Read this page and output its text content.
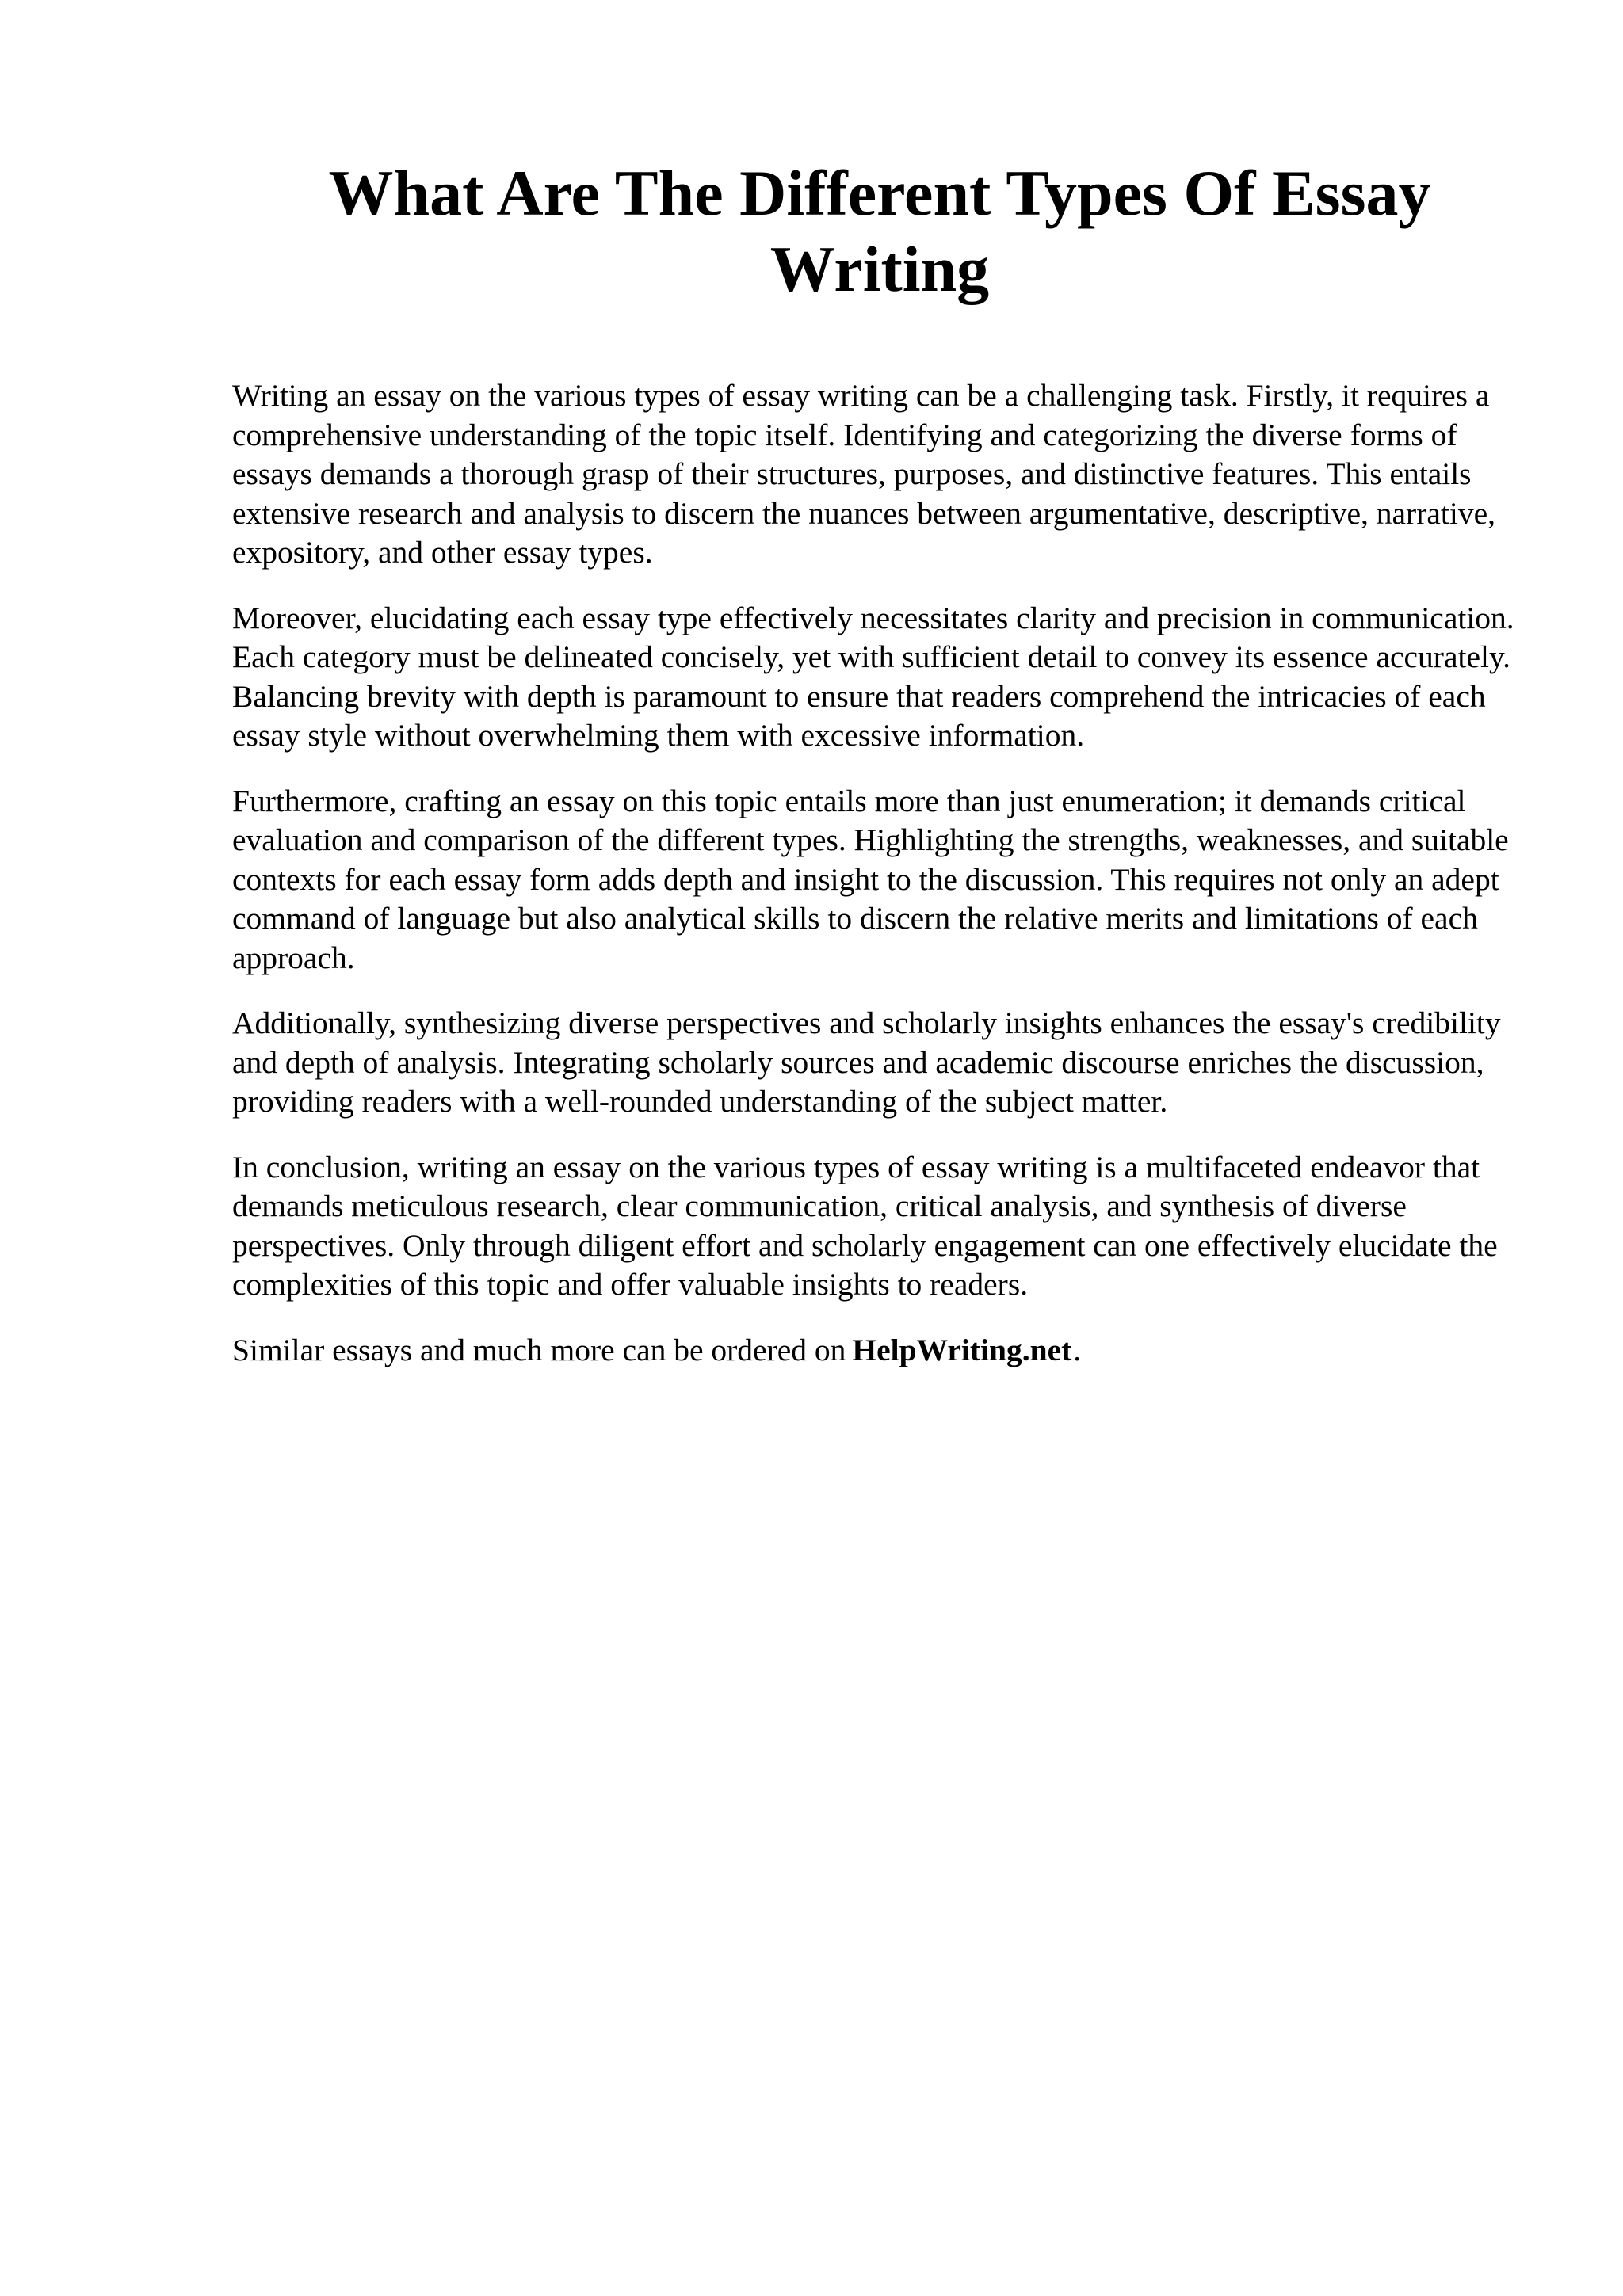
What Are The Different Types Of Essay Writing

Writing an essay on the various types of essay writing can be a challenging task. Firstly, it requires a comprehensive understanding of the topic itself. Identifying and categorizing the diverse forms of essays demands a thorough grasp of their structures, purposes, and distinctive features. This entails extensive research and analysis to discern the nuances between argumentative, descriptive, narrative, expository, and other essay types.

Moreover, elucidating each essay type effectively necessitates clarity and precision in communication. Each category must be delineated concisely, yet with sufficient detail to convey its essence accurately. Balancing brevity with depth is paramount to ensure that readers comprehend the intricacies of each essay style without overwhelming them with excessive information.

Furthermore, crafting an essay on this topic entails more than just enumeration; it demands critical evaluation and comparison of the different types. Highlighting the strengths, weaknesses, and suitable contexts for each essay form adds depth and insight to the discussion. This requires not only an adept command of language but also analytical skills to discern the relative merits and limitations of each approach.

Additionally, synthesizing diverse perspectives and scholarly insights enhances the essay's credibility and depth of analysis. Integrating scholarly sources and academic discourse enriches the discussion, providing readers with a well-rounded understanding of the subject matter.

In conclusion, writing an essay on the various types of essay writing is a multifaceted endeavor that demands meticulous research, clear communication, critical analysis, and synthesis of diverse perspectives. Only through diligent effort and scholarly engagement can one effectively elucidate the complexities of this topic and offer valuable insights to readers.

Similar essays and much more can be ordered on HelpWriting.net.
